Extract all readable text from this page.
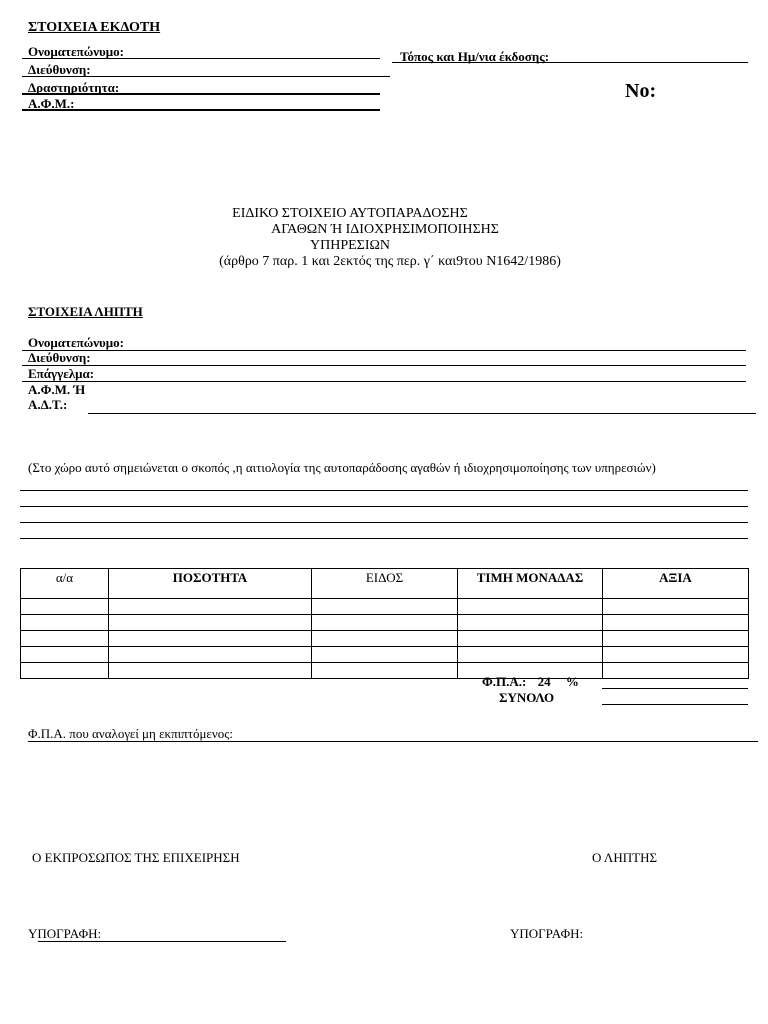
ΣΤΟΙΧΕΙΑ ΕΚΔΟΤΗ
Ονοματεπώνυμο:
Διεύθυνση:
Δραστηριότητα:
Α.Φ.Μ.:
Τόπος και Ημ/νια έκδοσης:
No:
ΕΙΔΙΚΟ ΣΤΟΙΧΕΙΟ ΑΥΤΟΠΑΡΑΔΟΣΗΣ
ΑΓΑΘΩΝ Ή ΙΔΙΟΧΡΗΣΙΜΟΠΟΙΗΣΗΣ
ΥΠΗΡΕΣΙΩΝ
(άρθρο 7 παρ. 1 και 2εκτός της περ. γ΄ και9του Ν1642/1986)
ΣΤΟΙΧΕΙΑ ΛΗΠΤΗ
Ονοματεπώνυμο:
Διεύθυνση:
Επάγγελμα:
Α.Φ.Μ. Ή
Α.Δ.Τ.:
(Στο χώρο αυτό σημειώνεται ο σκοπός ,η αιτιολογία της αυτοπαράδοσης αγαθών ή ιδιοχρησιμοποίησης των υπηρεσιών)
α/α	ΠΟΣΟΤΗΤΑ	ΕΙΔΟΣ	ΤΙΜΗ ΜΟΝΑΔΑΣ	ΑΞΙΑ

Φ.Π.Α.: 24 %
ΣΥΝΟΛΟ
Φ.Π.Α. που αναλογεί μη εκπιπτόμενος:
Ο ΕΚΠΡΟΣΩΠΟΣ ΤΗΣ ΕΠΙΧΕΙΡΗΣΗ	Ο ΛΗΠΤΗΣ
ΥΠΟΓΡΑΦΗ:	ΥΠΟΓΡΑΦΗ:
